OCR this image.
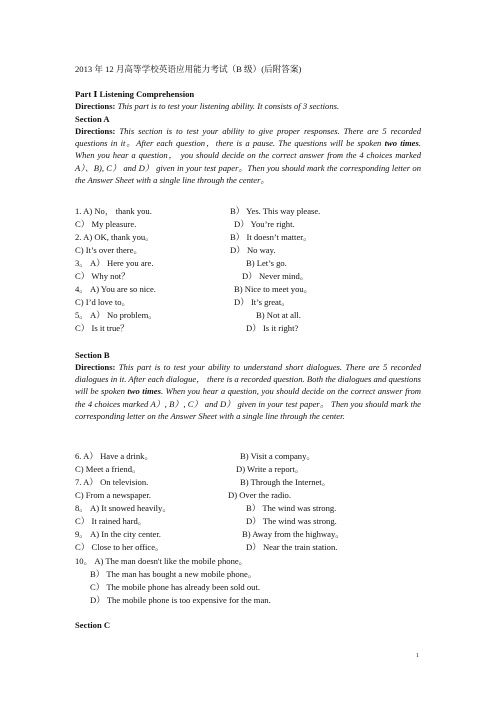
2013 年 12 月高等学校英语应用能力考试（B 级）(后附答案)
Part Ⅰ Listening Comprehension
Directions: This part is to test your listening ability. It consists of 3 sections.
Section A
Directions: This section is to test your ability to give proper responses. There are 5 recorded questions in it。After each question，there is a pause. The questions will be spoken two times. When you hear a question， you should decide on the correct answer from the 4 choices marked A）、B), C） and D） given in your test paper。Then you should mark the corresponding letter on the Answer Sheet with a single line through the center。
1. A) No， thank you.	B） Yes. This way please.
C） My pleasure.	D） You’re right.
2. A) OK, thank you。	B） It doesn’t matter。
C) It’s over there。	D） No way.
3。 A） Here you are.	B) Let’s go.
C） Why not？	D） Never mind。
4。 A) You are so nice.	B) Nice to meet you。
C) I’d love to。	D） It’s great。
5。 A） No problem。	B) Not at all.
C） Is it true？	D） Is it right?
Section B
Directions: This part is to test your ability to understand short dialogues. There are 5 recorded dialogues in it. After each dialogue， there is a recorded question. Both the dialogues and questions will be spoken two times. When you hear a question, you should decide on the correct answer from the 4 choices marked A）, B）, C） and D） given in your test paper。 Then you should mark the corresponding letter on the Answer Sheet with a single line through the center.
6. A） Have a drink。	B) Visit a company。
C) Meet a friend。	D) Write a report。
7. A） On television.	B) Through the Internet。
C) From a newspaper.	D) Over the radio.
8。 A) It snowed heavily。	B） The wind was strong.
C） It rained hard。	D） The wind was strong.
9。 A) In the city center.	B) Away from the highway。
C） Close to her office。	D） Near the train station.
10。 A) The man doesn't like the mobile phone。
B） The man has bought a new mobile phone。
C） The mobile phone has already been sold out.
D） The mobile phone is too expensive for the man.
Section C
1
